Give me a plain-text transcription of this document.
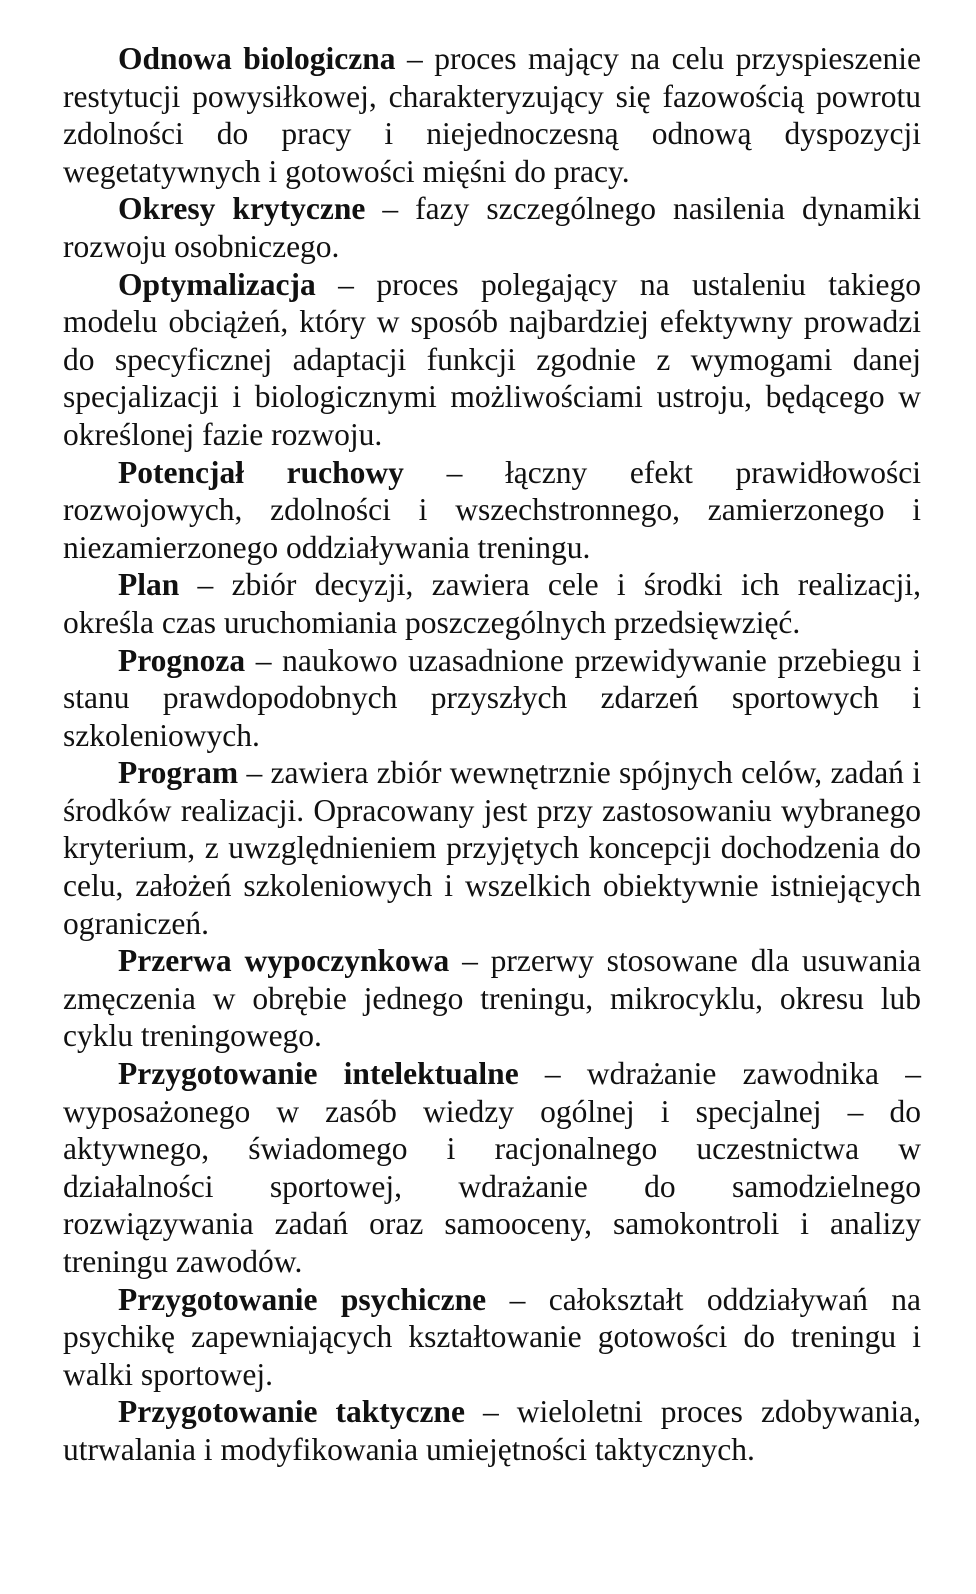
Odnowa biologiczna – proces mający na celu przyspieszenie restytucji powysiłkowej, charakteryzujący się fazowością powrotu zdolności do pracy i niejednoczesną odnową dyspozycji wegetatywnych i gotowości mięśni do pracy.

Okresy krytyczne – fazy szczególnego nasilenia dynamiki rozwoju osobniczego.

Optymalizacja – proces polegający na ustaleniu takiego modelu obciążeń, który w sposób najbardziej efektywny prowadzi do specyficznej adaptacji funkcji zgodnie z wymogami danej specjalizacji i biologicznymi możliwościami ustroju, będącego w określonej fazie rozwoju.

Potencjał ruchowy – łączny efekt prawidłowości rozwojowych, zdolności i wszechstronnego, zamierzonego i niezamierzonego oddziaływania treningu.

Plan – zbiór decyzji, zawiera cele i środki ich realizacji, określa czas uruchomiania poszczególnych przedsięwzięć.

Prognoza – naukowo uzasadnione przewidywanie przebiegu i stanu prawdopodobnych przyszłych zdarzeń sportowych i szkoleniowych.

Program – zawiera zbiór wewnętrznie spójnych celów, zadań i środków realizacji. Opracowany jest przy zastosowaniu wybranego kryterium, z uwzględnieniem przyjętych koncepcji dochodzenia do celu, założeń szkoleniowych i wszelkich obiektywnie istniejących ograniczeń.

Przerwa wypoczynkowa – przerwy stosowane dla usuwania zmęczenia w obrębie jednego treningu, mikrocyklu, okresu lub cyklu treningowego.

Przygotowanie intelektualne – wdrażanie zawodnika – wyposażonego w zasób wiedzy ogólnej i specjalnej – do aktywnego, świadomego i racjonalnego uczestnictwa w działalności sportowej, wdrażanie do samodzielnego rozwiązywania zadań oraz samooceny, samokontroli i analizy treningu zawodów.

Przygotowanie psychiczne – całokształt oddziaływań na psychikę zapewniających kształtowanie gotowości do treningu i walki sportowej.

Przygotowanie taktyczne – wieloletni proces zdobywania, utrwalania i modyfikowania umiejętności taktycznych.
